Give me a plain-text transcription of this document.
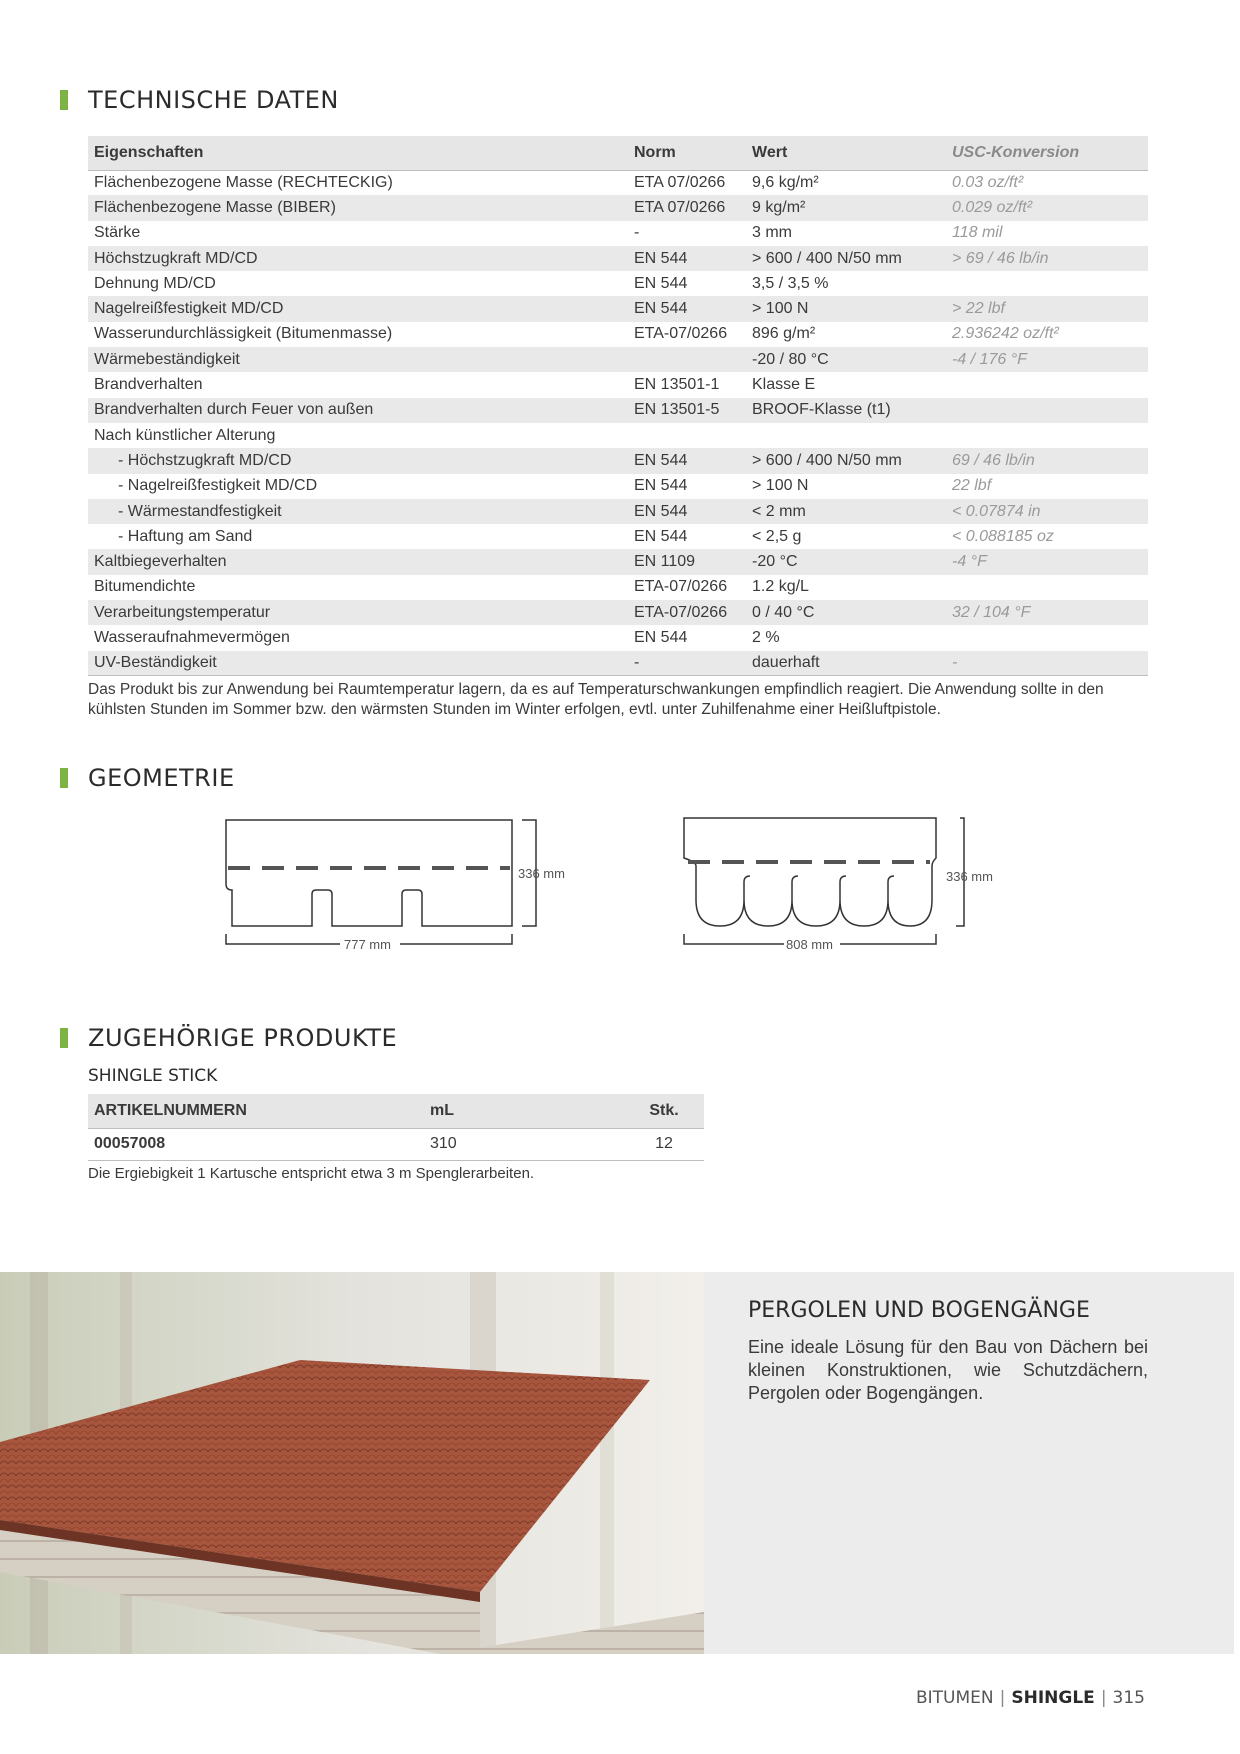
TECHNISCHE DATEN
Eigenschaften	Norm	Wert	USC-Konversion
Flächenbezogene Masse (RECHTECKIG)	ETA 07/0266	9,6 kg/m²	0.03 oz/ft²
Flächenbezogene Masse (BIBER)	ETA 07/0266	9 kg/m²	0.029 oz/ft²
Stärke	-	3 mm	118 mil
Höchstzugkraft MD/CD	EN 544	> 600 / 400 N/50 mm	> 69 / 46 lb/in
Dehnung MD/CD	EN 544	3,5 / 3,5 %	
Nagelreißfestigkeit MD/CD	EN 544	> 100 N	> 22 lbf
Wasserundurchlässigkeit (Bitumenmasse)	ETA-07/0266	896 g/m²	2.936242 oz/ft²
Wärmebeständigkeit		-20 / 80 °C	-4 / 176 °F
Brandverhalten	EN 13501-1	Klasse E	
Brandverhalten durch Feuer von außen	EN 13501-5	BROOF-Klasse (t1)	
Nach künstlicher Alterung			
- Höchstzugkraft MD/CD	EN 544	> 600 / 400 N/50 mm	69 / 46 lb/in
- Nagelreißfestigkeit MD/CD	EN 544	> 100 N	22 lbf
- Wärmestandfestigkeit	EN 544	< 2 mm	< 0.07874 in
- Haftung am Sand	EN 544	< 2,5 g	< 0.088185 oz
Kaltbiegeverhalten	EN 1109	-20 °C	-4 °F
Bitumendichte	ETA-07/0266	1.2 kg/L	
Verarbeitungstemperatur	ETA-07/0266	0 / 40 °C	32 / 104 °F
Wasseraufnahmevermögen	EN 544	2 %	
UV-Beständigkeit	-	dauerhaft	-
Das Produkt bis zur Anwendung bei Raumtemperatur lagern, da es auf Temperaturschwankungen empfindlich reagiert. Die Anwendung sollte in den kühlsten Stunden im Sommer bzw. den wärmsten Stunden im Winter erfolgen, evtl. unter Zuhilfenahme einer Heißluftpistole.
GEOMETRIE
336 mm
777 mm
336 mm
808 mm
ZUGEHÖRIGE PRODUKTE
SHINGLE STICK
ARTIKELNUMMERN	mL	Stk.
00057008	310	12
Die Ergiebigkeit 1 Kartusche entspricht etwa 3 m Spenglerarbeiten.
PERGOLEN UND BOGENGÄNGE

Eine ideale Lösung für den Bau von Dächern bei kleinen Konstruktionen, wie Schutzdächern, Pergolen oder Bogengängen.

BITUMEN | SHINGLE | 315
